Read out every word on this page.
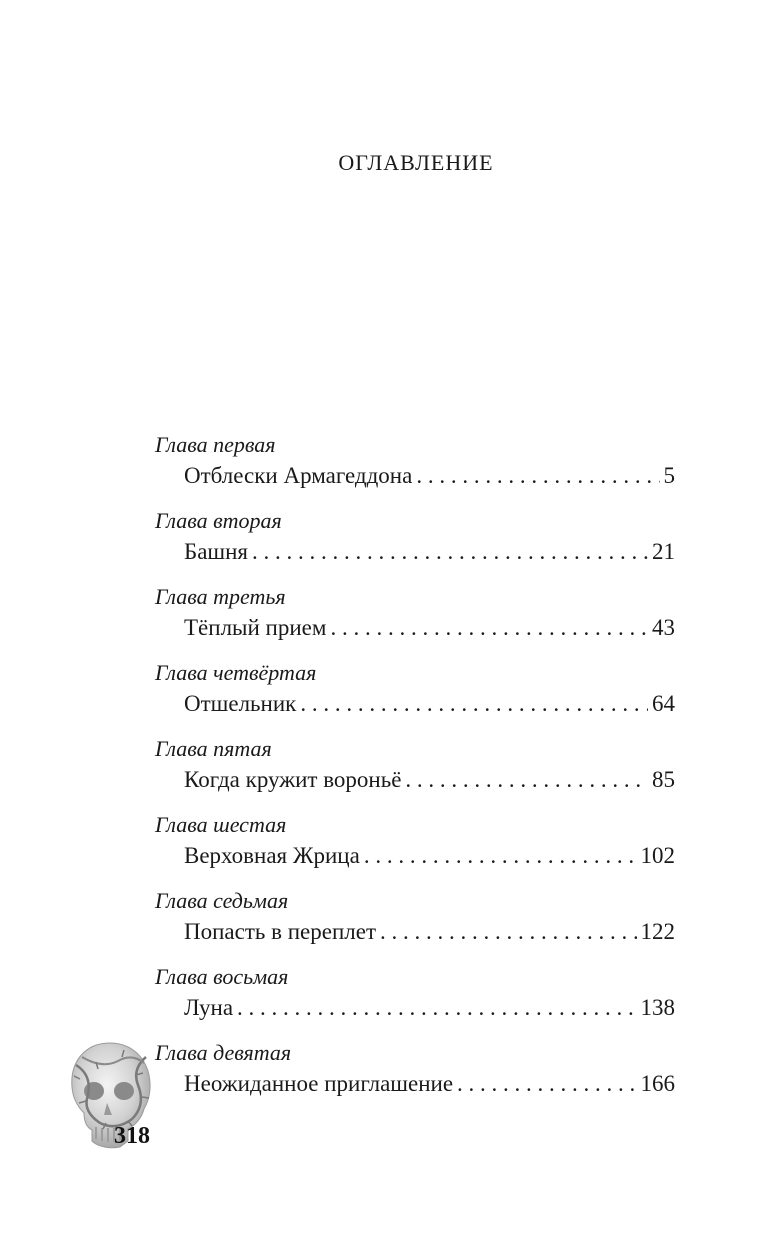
ОГЛАВЛЕНИЕ
Глава первая
Отблески Армагеддона . . .	5
Глава вторая
Башня . . .	21
Глава третья
Тёплый прием . . .	43
Глава четвёртая
Отшельник . . .	64
Глава пятая
Когда кружит вороньё . . .	85
Глава шестая
Верховная Жрица . . .	102
Глава седьмая
Попасть в переплет . . .	122
Глава восьмая
Луна . . .	138
Глава девятая
Неожиданное приглашение . . .	166
318
